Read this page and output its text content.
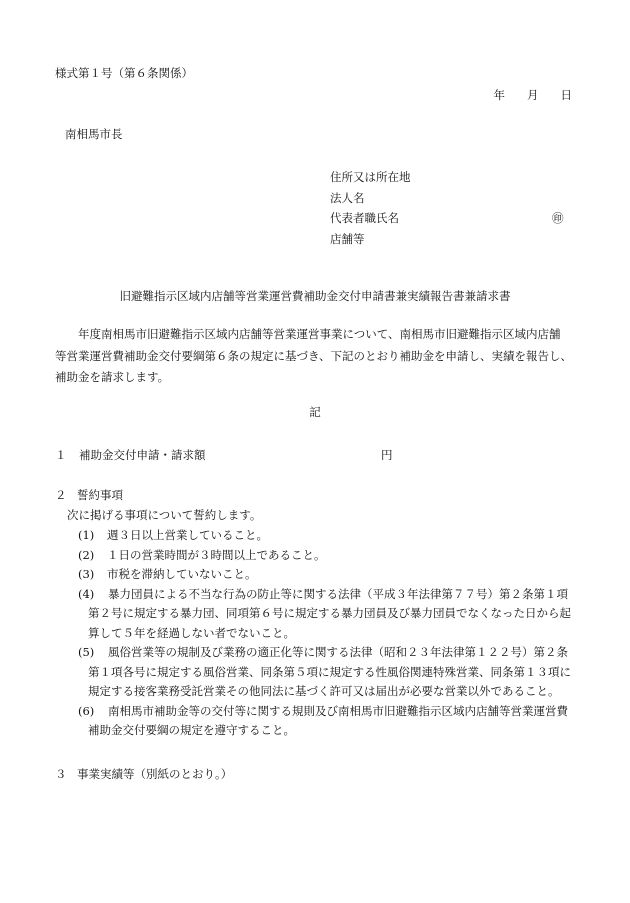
様式第１号（第６条関係）
年 月 日
南相馬市長
住所又は所在地
法人名
代表者職氏名	㊞
店舗等
旧避難指示区域内店舗等営業運営費補助金交付申請書兼実績報告書兼請求書
年度南相馬市旧避難指示区域内店舗等営業運営事業について、南相馬市旧避難指示区域内店舗
等営業運営費補助金交付要綱第６条の規定に基づき、下記のとおり補助金を申請し、実績を報告し、
補助金を請求します。
記
１ 補助金交付申請・請求額	円
２ 誓約事項
次に掲げる事項について誓約します。
(1)	週３日以上営業していること。
(2)	１日の営業時間が３時間以上であること。
(3)	市税を滞納していないこと。
(4)	暴力団員による不当な行為の防止等に関する法律（平成３年法律第７７号）第２条第１項
第２号に規定する暴力団、同項第６号に規定する暴力団員及び暴力団員でなくなった日から起
算して５年を経過しない者でないこと。
(5)	風俗営業等の規制及び業務の適正化等に関する法律（昭和２３年法律第１２２号）第２条
第１項各号に規定する風俗営業、同条第５項に規定する性風俗関連特殊営業、同条第１３項に
規定する接客業務受託営業その他同法に基づく許可又は届出が必要な営業以外であること。
(6)	南相馬市補助金等の交付等に関する規則及び南相馬市旧避難指示区域内店舗等営業運営費
補助金交付要綱の規定を遵守すること。
３ 事業実績等（別紙のとおり。）
